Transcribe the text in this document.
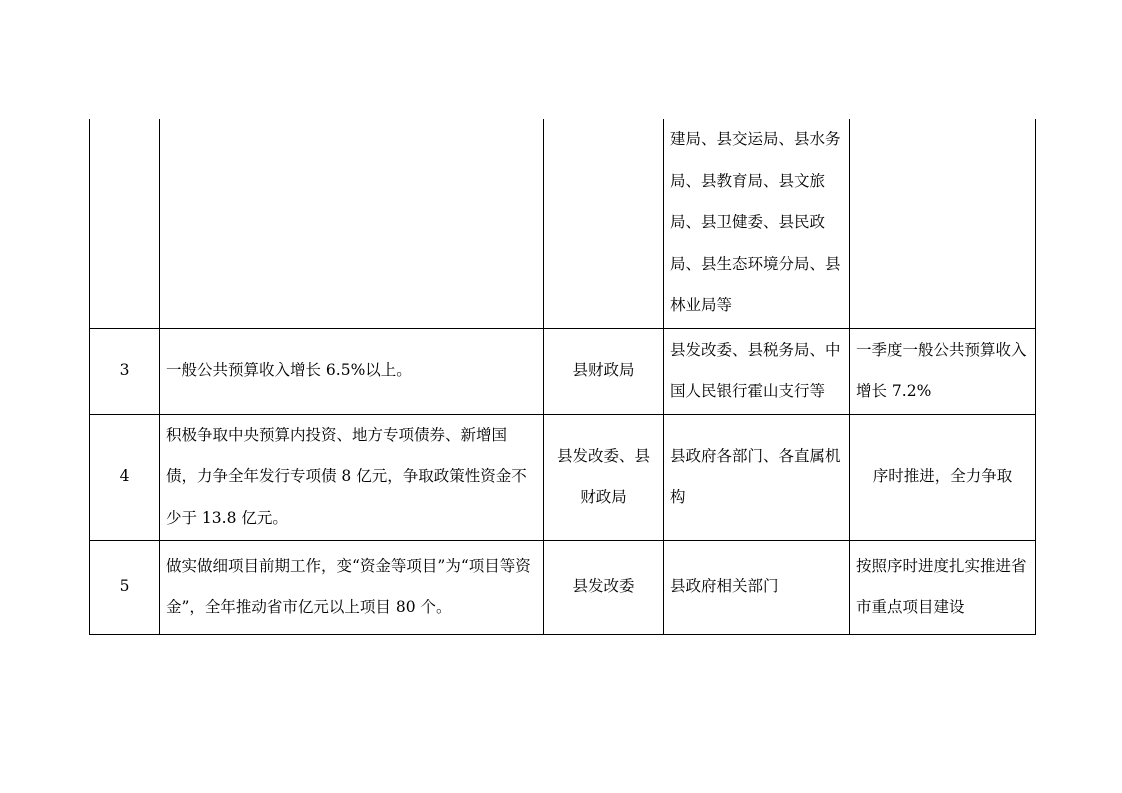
			建局、县交运局、县水务局、县教育局、县文旅局、县卫健委、县民政局、县生态环境分局、县林业局等	

3	一般公共预算收入增长 6.5%以上。	县财政局	县发改委、县税务局、中国人民银行霍山支行等	一季度一般公共预算收入增长 7.2%
4	积极争取中央预算内投资、地方专项债券、新增国债，力争全年发行专项债 8 亿元，争取政策性资金不少于 13.8 亿元。	县发改委、县财政局	县政府各部门、各直属机构	序时推进，全力争取
5	做实做细项目前期工作，变“资金等项目”为“项目等资金”，全年推动省市亿元以上项目 80 个。	县发改委	县政府相关部门	按照序时进度扎实推进省市重点项目建设
